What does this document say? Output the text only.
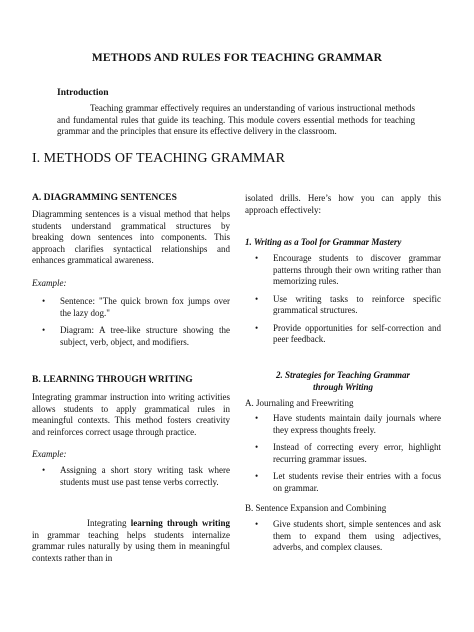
METHODS AND RULES FOR TEACHING GRAMMAR
Introduction

Teaching grammar effectively requires an understanding of various instructional methods and fundamental rules that guide its teaching. This module covers essential methods for teaching grammar and the principles that ensure its effective delivery in the classroom.

I. METHODS OF TEACHING GRAMMAR
A. DIAGRAMMING SENTENCES

Diagramming sentences is a visual method that helps students understand grammatical structures by breaking down sentences into components. This approach clarifies syntactical relationships and enhances grammatical awareness.

Example:
• Sentence: "The quick brown fox jumps over the lazy dog."
• Diagram: A tree-like structure showing the subject, verb, object, and modifiers.
B. LEARNING THROUGH WRITING

Integrating grammar instruction into writing activities allows students to apply grammatical rules in meaningful contexts. This method fosters creativity and reinforces correct usage through practice.

Example:
• Assigning a short story writing task where students must use past tense verbs correctly.

Integrating learning through writing in grammar teaching helps students internalize grammar rules naturally by using them in meaningful contexts rather than in

isolated drills. Here’s how you can apply this approach effectively:

1. Writing as a Tool for Grammar Mastery
• Encourage students to discover grammar patterns through their own writing rather than memorizing rules.
• Use writing tasks to reinforce specific grammatical structures.
• Provide opportunities for self-correction and peer feedback.
2. Strategies for Teaching Grammar
through Writing
A. Journaling and Freewriting
• Have students maintain daily journals where they express thoughts freely.
• Instead of correcting every error, highlight recurring grammar issues.
• Let students revise their entries with a focus on grammar.
B. Sentence Expansion and Combining
• Give students short, simple sentences and ask them to expand them using adjectives, adverbs, and complex clauses.
